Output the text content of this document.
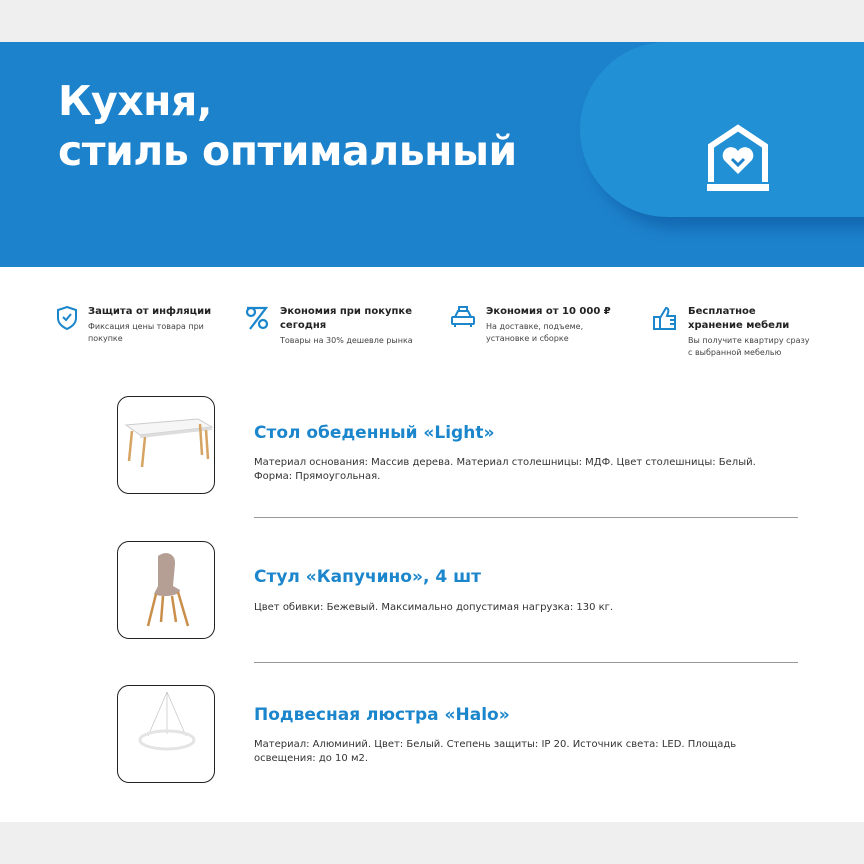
Кухня,
стиль оптимальный
Защита от инфляции
Фиксация цены товара при покупке
Экономия при покупке сегодня
Товары на 30% дешевле рынка
Экономия от 10 000 ₽
На доставке, подъеме, установке и сборке
Бесплатное хранение мебели
Вы получите квартиру сразу с выбранной мебелью
Стол обеденный «Light»
Материал основания: Массив дерева. Материал столешницы: МДФ. Цвет столешницы: Белый. Форма: Прямоугольная.
Стул «Капучино», 4 шт
Цвет обивки: Бежевый. Максимально допустимая нагрузка: 130 кг.
Подвесная люстра «Halo»
Материал: Алюминий. Цвет: Белый. Степень защиты: IP 20. Источник света: LED. Площадь освещения: до 10 м2.
